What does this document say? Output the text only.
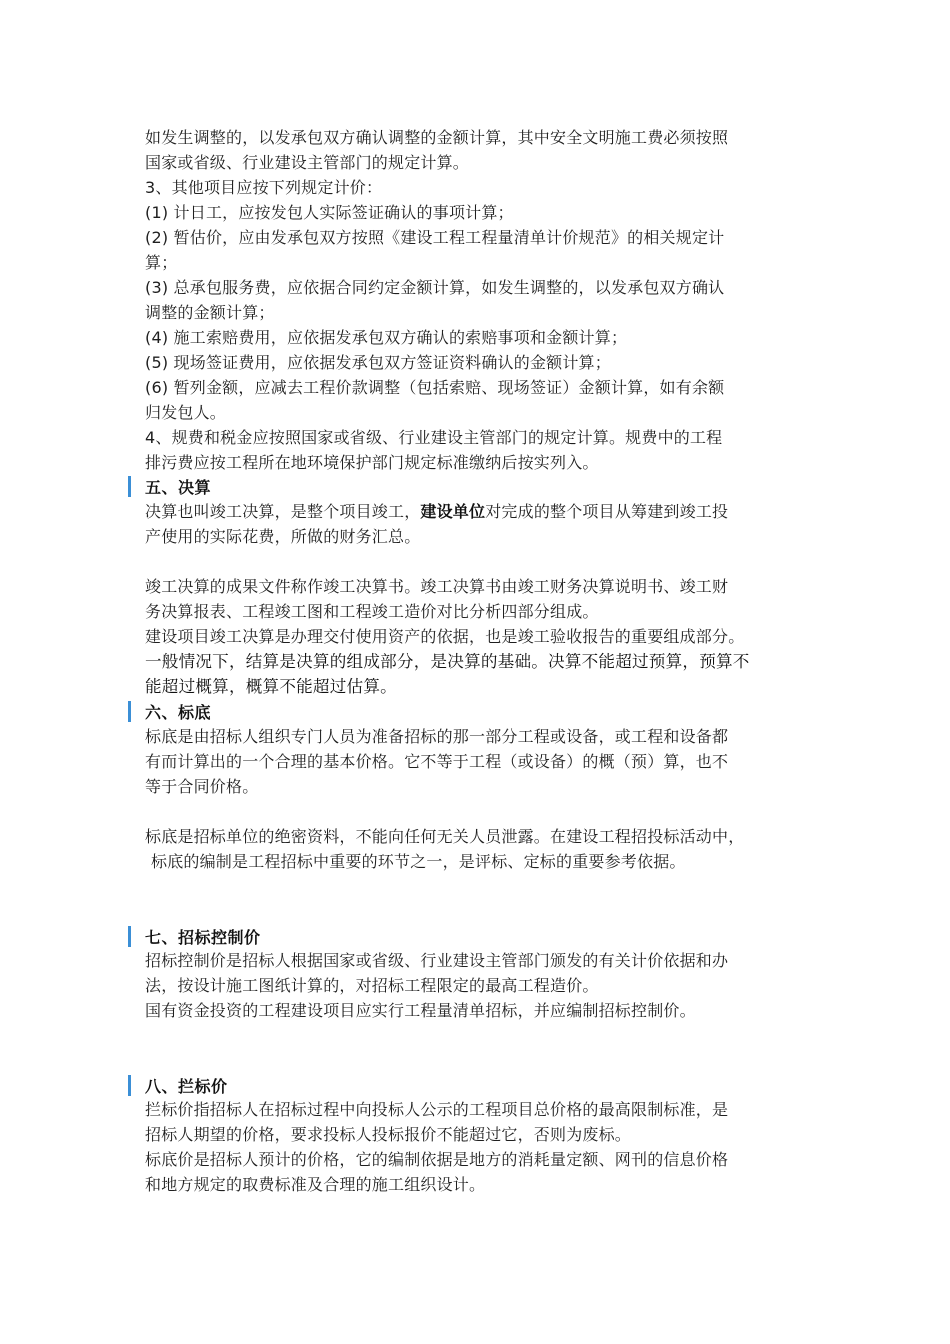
如发生调整的，以发承包双方确认调整的金额计算，其中安全文明施工费必须按照
国家或省级、行业建设主管部门的规定计算。
3、其他项目应按下列规定计价：
(1) 计日工，应按发包人实际签证确认的事项计算；
(2) 暂估价，应由发承包双方按照《建设工程工程量清单计价规范》的相关规定计
算；
(3) 总承包服务费，应依据合同约定金额计算，如发生调整的，以发承包双方确认
调整的金额计算；
(4) 施工索赔费用，应依据发承包双方确认的索赔事项和金额计算；
(5) 现场签证费用，应依据发承包双方签证资料确认的金额计算；
(6) 暂列金额，应减去工程价款调整（包括索赔、现场签证）金额计算，如有余额
归发包人。
4、规费和税金应按照国家或省级、行业建设主管部门的规定计算。规费中的工程
排污费应按工程所在地环境保护部门规定标准缴纳后按实列入。
五、决算
决算也叫竣工决算，是整个项目竣工，建设单位对完成的整个项目从筹建到竣工投
产使用的实际花费，所做的财务汇总。
竣工决算的成果文件称作竣工决算书。竣工决算书由竣工财务决算说明书、竣工财
务决算报表、工程竣工图和工程竣工造价对比分析四部分组成。
建设项目竣工决算是办理交付使用资产的依据，也是竣工验收报告的重要组成部分。
一般情况下，结算是决算的组成部分，是决算的基础。决算不能超过预算，预算不
能超过概算，概算不能超过估算。
六、标底
标底是由招标人组织专门人员为准备招标的那一部分工程或设备，或工程和设备都
有而计算出的一个合理的基本价格。它不等于工程（或设备）的概（预）算，也不
等于合同价格。
标底是招标单位的绝密资料，不能向任何无关人员泄露。在建设工程招投标活动中，
标底的编制是工程招标中重要的环节之一，是评标、定标的重要参考依据。
七、招标控制价
招标控制价是招标人根据国家或省级、行业建设主管部门颁发的有关计价依据和办
法，按设计施工图纸计算的，对招标工程限定的最高工程造价。
国有资金投资的工程建设项目应实行工程量清单招标，并应编制招标控制价。
八、拦标价
拦标价指招标人在招标过程中向投标人公示的工程项目总价格的最高限制标准，是
招标人期望的价格，要求投标人投标报价不能超过它，否则为废标。
标底价是招标人预计的价格，它的编制依据是地方的消耗量定额、网刊的信息价格
和地方规定的取费标准及合理的施工组织设计。
